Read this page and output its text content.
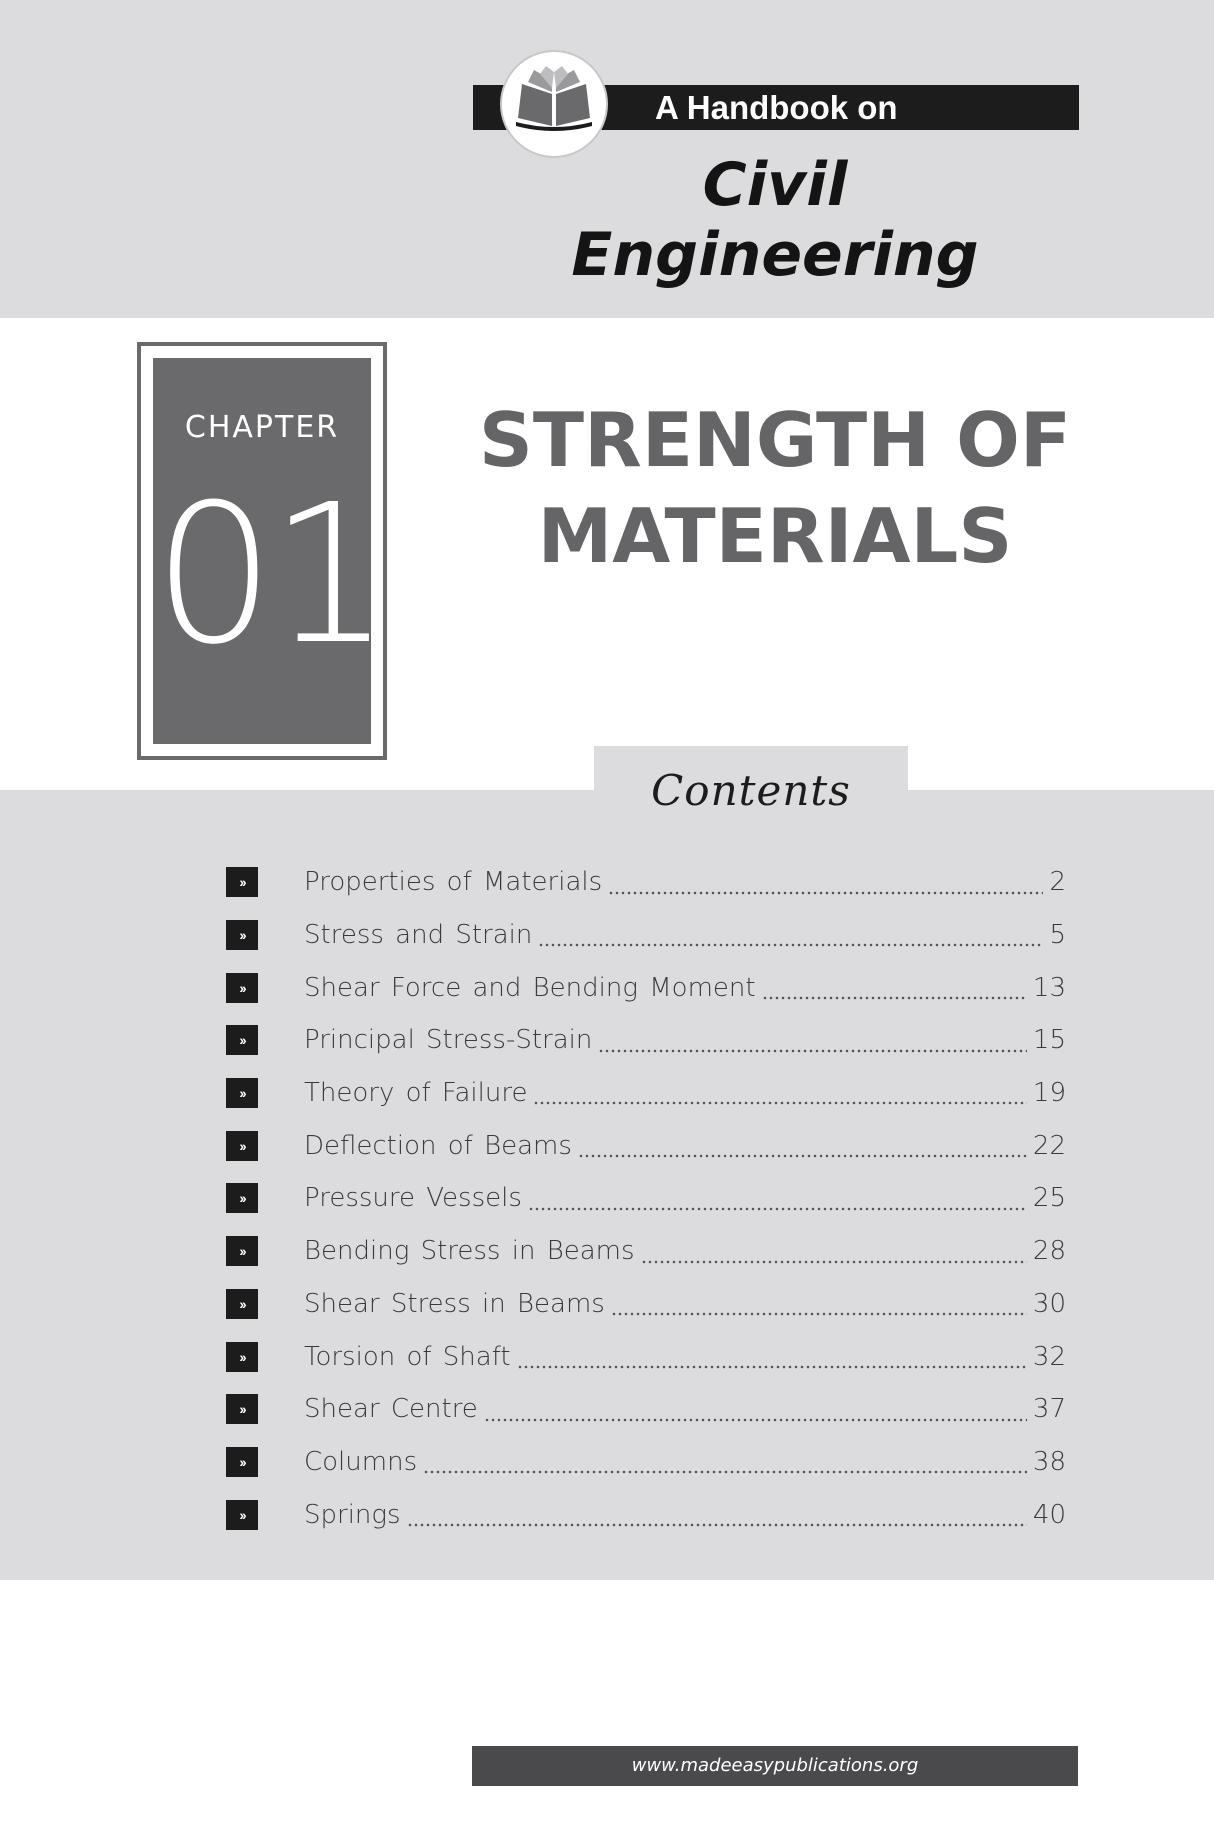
A Handbook on
Civil
Engineering
CHAPTER
01
STRENGTH OF
MATERIALS
Contents
››	Properties of Materials	2
››	Stress and Strain	5
››	Shear Force and Bending Moment	13
››	Principal Stress-Strain	15
››	Theory of Failure	19
››	Deflection of Beams	22
››	Pressure Vessels	25
››	Bending Stress in Beams	28
››	Shear Stress in Beams	30
››	Torsion of Shaft	32
››	Shear Centre	37
››	Columns	38
››	Springs	40
www.madeeasypublications.org
